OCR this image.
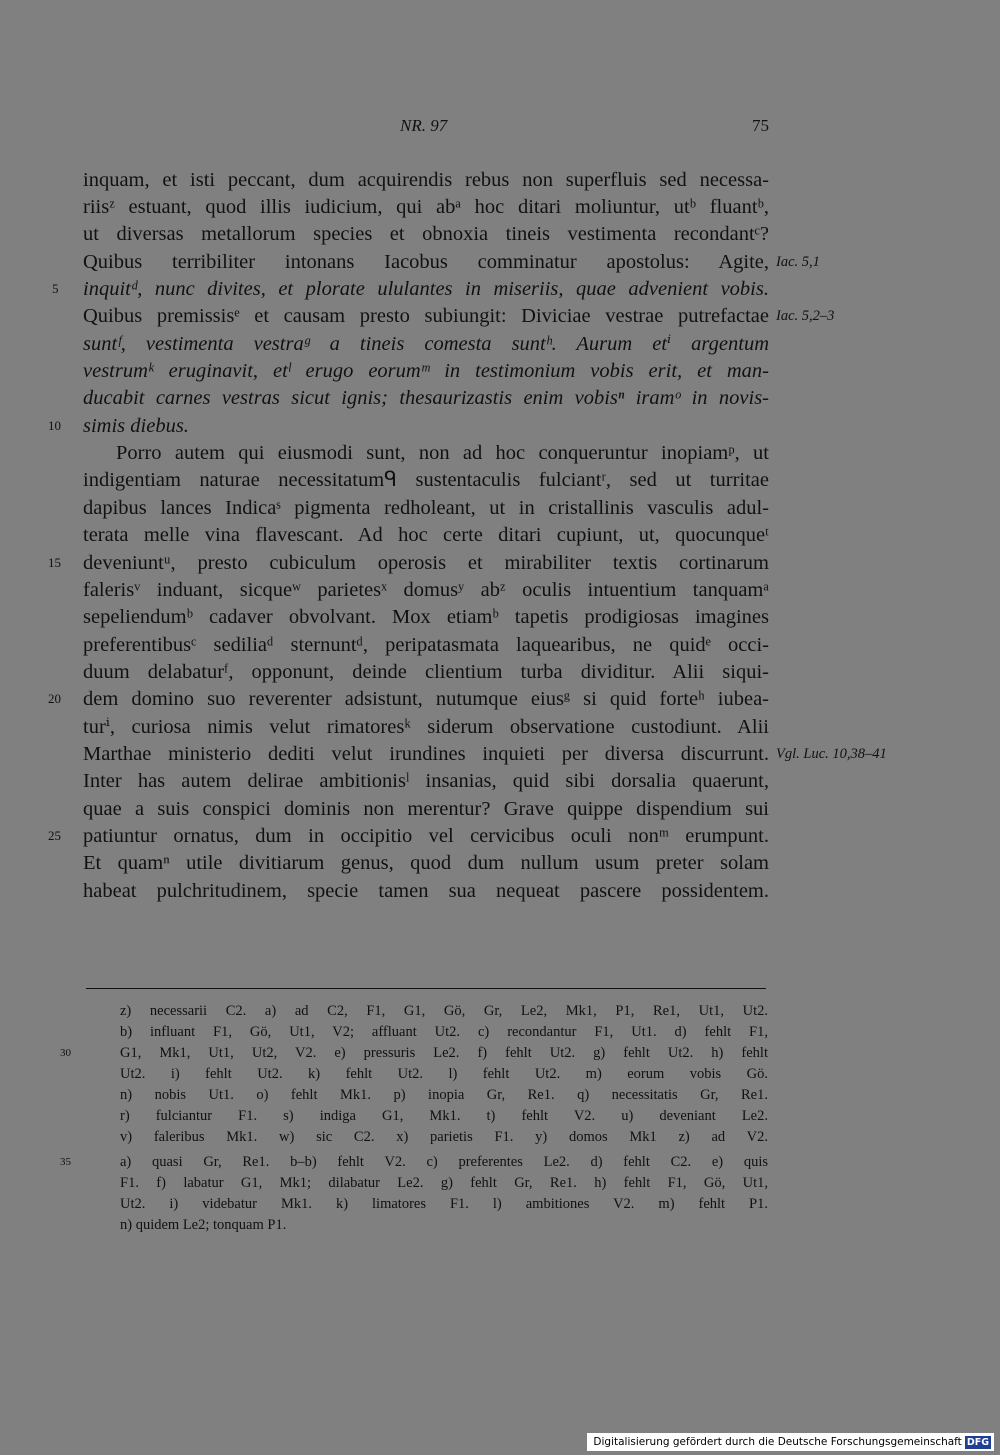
NR. 97	75
inquam, et isti peccant, dum acquirendis rebus non superfluis sed necessa-
riisᶻ estuant, quod illis iudicium, qui abᵃ hoc ditari moliuntur, utᵇ fluantᵇ,
ut diversas metallorum species et obnoxia tineis vestimenta recondantᶜ?
Quibus terribiliter intonans Iacobus comminatur apostolus: Agite,
inquitᵈ, nunc divites, et plorate ululantes in miseriis, quae advenient vobis.
Quibus premissisᵉ et causam presto subiungit: Diviciae vestrae putrefactae
suntᶠ, vestimenta vestraᵍ a tineis comesta suntʰ. Aurum etⁱ argentum
vestrumᵏ eruginavit, etˡ erugo eorumᵐ in testimonium vobis erit, et man-
ducabit carnes vestras sicut ignis; thesaurizastis enim vobisⁿ iramᵒ in novis-
simis diebus.
Porro autem qui eiusmodi sunt, non ad hoc conqueruntur inopiamᵖ, ut
indigentiam naturae necessitatumᑫ sustentaculis fulciantʳ, sed ut turritae
dapibus lances Indicaˢ pigmenta redholeant, ut in cristallinis vasculis adul-
terata melle vina flavescant. Ad hoc certe ditari cupiunt, ut, quocunqueᵗ
deveniuntᵘ, presto cubiculum operosis et mirabiliter textis cortinarum
falerisᵛ induant, sicqueʷ parietesˣ domusʸ abᶻ oculis intuentium tanquamᵃ
sepeliendumᵇ cadaver obvolvant. Mox etiamᵇ tapetis prodigiosas imagines
preferentibusᶜ sediliaᵈ sternuntᵈ, peripatasmata laquearibus, ne quidᵉ occi-
duum delabaturᶠ, opponunt, deinde clientium turba dividitur. Alii siqui-
dem domino suo reverenter adsistunt, nutumque eiusᵍ si quid forteʰ iubea-
turⁱ, curiosa nimis velut rimatoresᵏ siderum observatione custodiunt. Alii
Marthae ministerio dediti velut irundines inquieti per diversa discurrunt.
Inter has autem delirae ambitionisˡ insanias, quid sibi dorsalia quaerunt,
quae a suis conspici dominis non merentur? Grave quippe dispendium sui
patiuntur ornatus, dum in occipitio vel cervicibus oculi nonᵐ erumpunt.
Et quamⁿ utile divitiarum genus, quod dum nullum usum preter solam
habeat pulchritudinem, specie tamen sua nequeat pascere possidentem.
5
10
15
20
25
Iac. 5,1
Iac. 5,2–3
Vgl. Luc. 10,38–41
z) necessarii C2. a) ad C2, F1, G1, Gö, Gr, Le2, Mk1, P1, Re1, Ut1, Ut2.
b) influant F1, Gö, Ut1, V2; affluant Ut2. c) recondantur F1, Ut1. d) fehlt F1,
G1, Mk1, Ut1, Ut2, V2. e) pressuris Le2. f) fehlt Ut2. g) fehlt Ut2. h) fehlt
Ut2. i) fehlt Ut2. k) fehlt Ut2. l) fehlt Ut2. m) eorum vobis Gö.
n) nobis Ut1. o) fehlt Mk1. p) inopia Gr, Re1. q) necessitatis Gr, Re1.
r) fulciantur F1. s) indiga G1, Mk1. t) fehlt V2. u) deveniant Le2.
v) faleribus Mk1. w) sic C2. x) parietis F1. y) domos Mk1 z) ad V2.
a) quasi Gr, Re1. b–b) fehlt V2. c) preferentes Le2. d) fehlt C2. e) quis
F1. f) labatur G1, Mk1; dilabatur Le2. g) fehlt Gr, Re1. h) fehlt F1, Gö, Ut1,
Ut2. i) videbatur Mk1. k) limatores F1. l) ambitiones V2. m) fehlt P1.
n) quidem Le2; tonquam P1.
30
35
Digitalisierung gefördert durch die Deutsche Forschungsgemeinschaft DFG
